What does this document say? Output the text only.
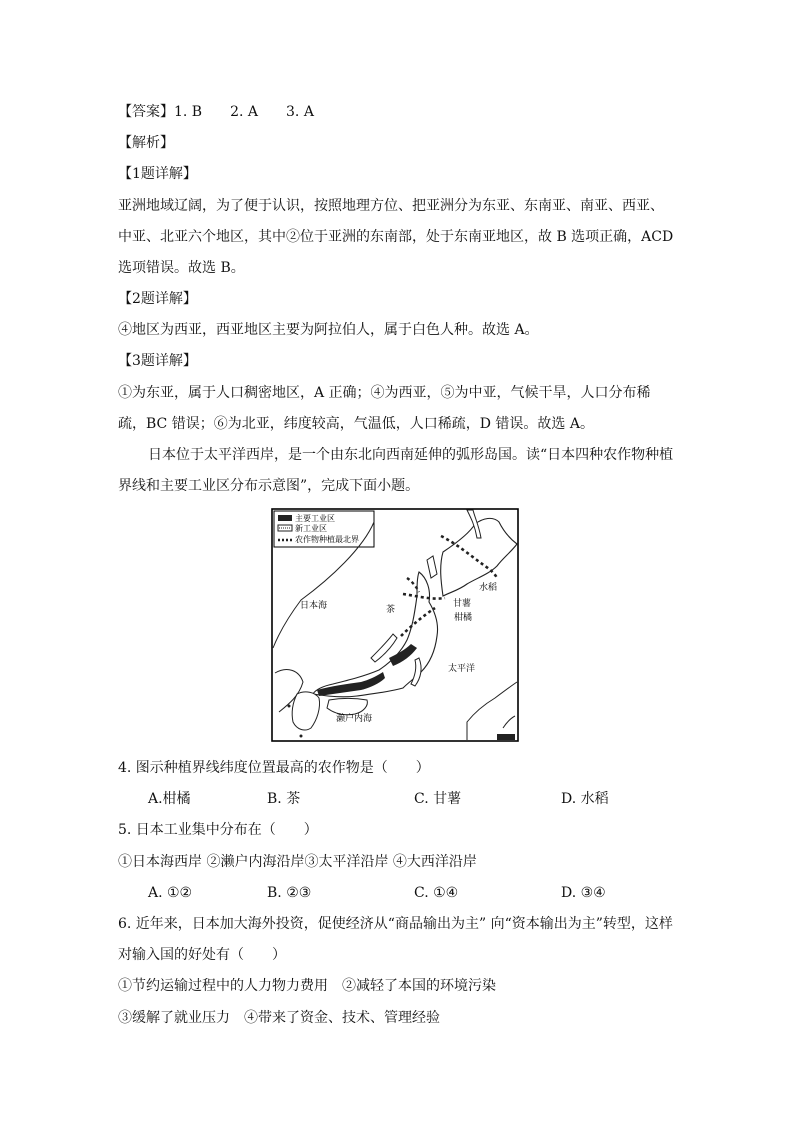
【答案】1. B　　2. A　　3. A
【解析】
【1题详解】
亚洲地域辽阔，为了便于认识，按照地理方位、把亚洲分为东亚、东南亚、南亚、西亚、
中亚、北亚六个地区，其中②位于亚洲的东南部，处于东南亚地区，故 B 选项正确，ACD
选项错误。故选 B。
【2题详解】
④地区为西亚，西亚地区主要为阿拉伯人，属于白色人种。故选 A。
【3题详解】
①为东亚，属于人口稠密地区，A 正确；④为西亚，⑤为中亚，气候干旱，人口分布稀
疏，BC 错误；⑥为北亚，纬度较高，气温低，人口稀疏，D 错误。故选 A。
日本位于太平洋西岸，是一个由东北向西南延伸的弧形岛国。读“日本四种农作物种植
界线和主要工业区分布示意图”，完成下面小题。
主要工业区
新工业区
农作物种植最北界
水稻
日本海	茶
甘薯
柑橘
太平洋
濑户内海
4. 图示种植界线纬度位置最高的农作物是（　　）
A.柑橘	B. 茶	C. 甘薯	D. 水稻
5. 日本工业集中分布在（　　）
①日本海西岸 ②濑户内海沿岸③太平洋沿岸 ④大西洋沿岸
A. ①②	B. ②③	C. ①④	D. ③④
6. 近年来，日本加大海外投资，促使经济从“商品输出为主” 向“资本输出为主”转型，这样
对输入国的好处有（　　）
①节约运输过程中的人力物力费用　②减轻了本国的环境污染
③缓解了就业压力　④带来了资金、技术、管理经验
